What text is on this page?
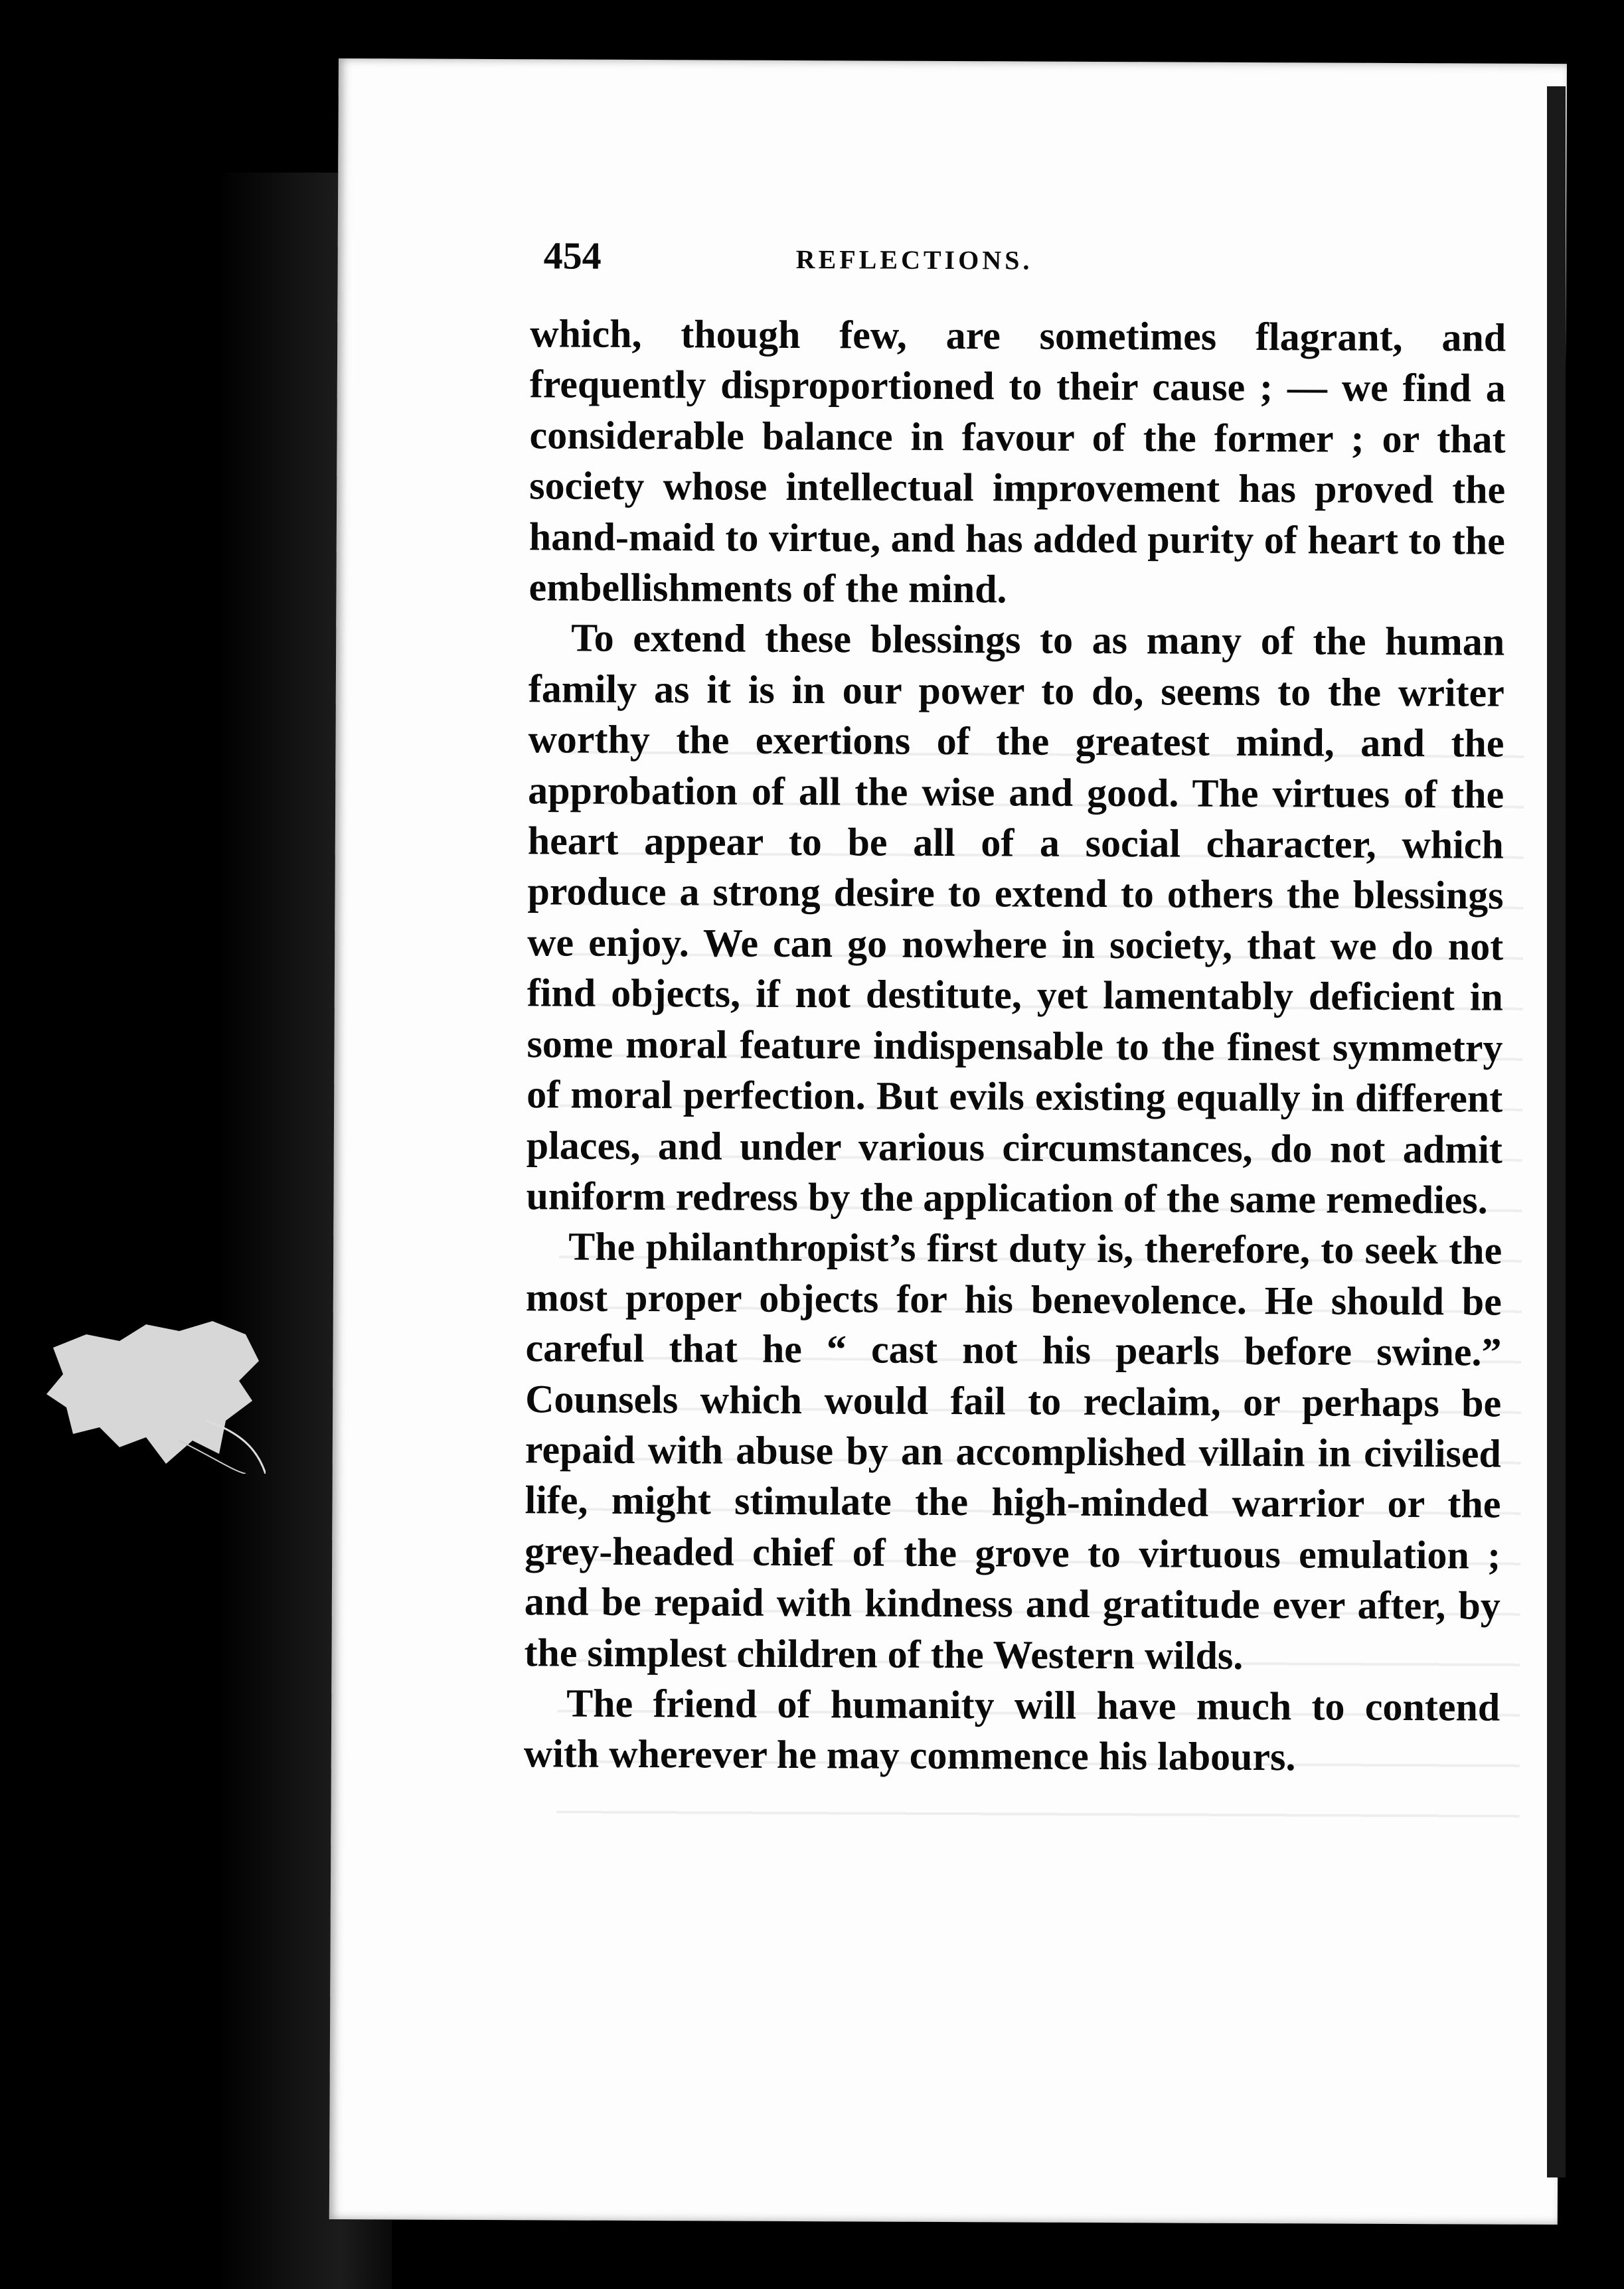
454	REFLECTIONS.

which, though few, are sometimes flagrant, and frequently disproportioned to their cause ; — we find a considerable balance in favour of the former ; or that society whose intellectual improvement has proved the hand-maid to virtue, and has added purity of heart to the embellishments of the mind.

To extend these blessings to as many of the human family as it is in our power to do, seems to the writer worthy the exertions of the greatest mind, and the approbation of all the wise and good. The virtues of the heart appear to be all of a social character, which produce a strong desire to extend to others the blessings we enjoy. We can go nowhere in society, that we do not find objects, if not destitute, yet lamentably deficient in some moral feature indispensable to the finest symmetry of moral perfection. But evils existing equally in different places, and under various circumstances, do not admit uniform redress by the application of the same remedies.

The philanthropist’s first duty is, therefore, to seek the most proper objects for his benevolence. He should be careful that he “ cast not his pearls before swine.” Counsels which would fail to reclaim, or perhaps be repaid with abuse by an accomplished villain in civilised life, might stimulate the high-minded warrior or the grey-headed chief of the grove to virtuous emulation ; and be repaid with kindness and gratitude ever after, by the simplest children of the Western wilds.

The friend of humanity will have much to contend with wherever he may commence his labours.
